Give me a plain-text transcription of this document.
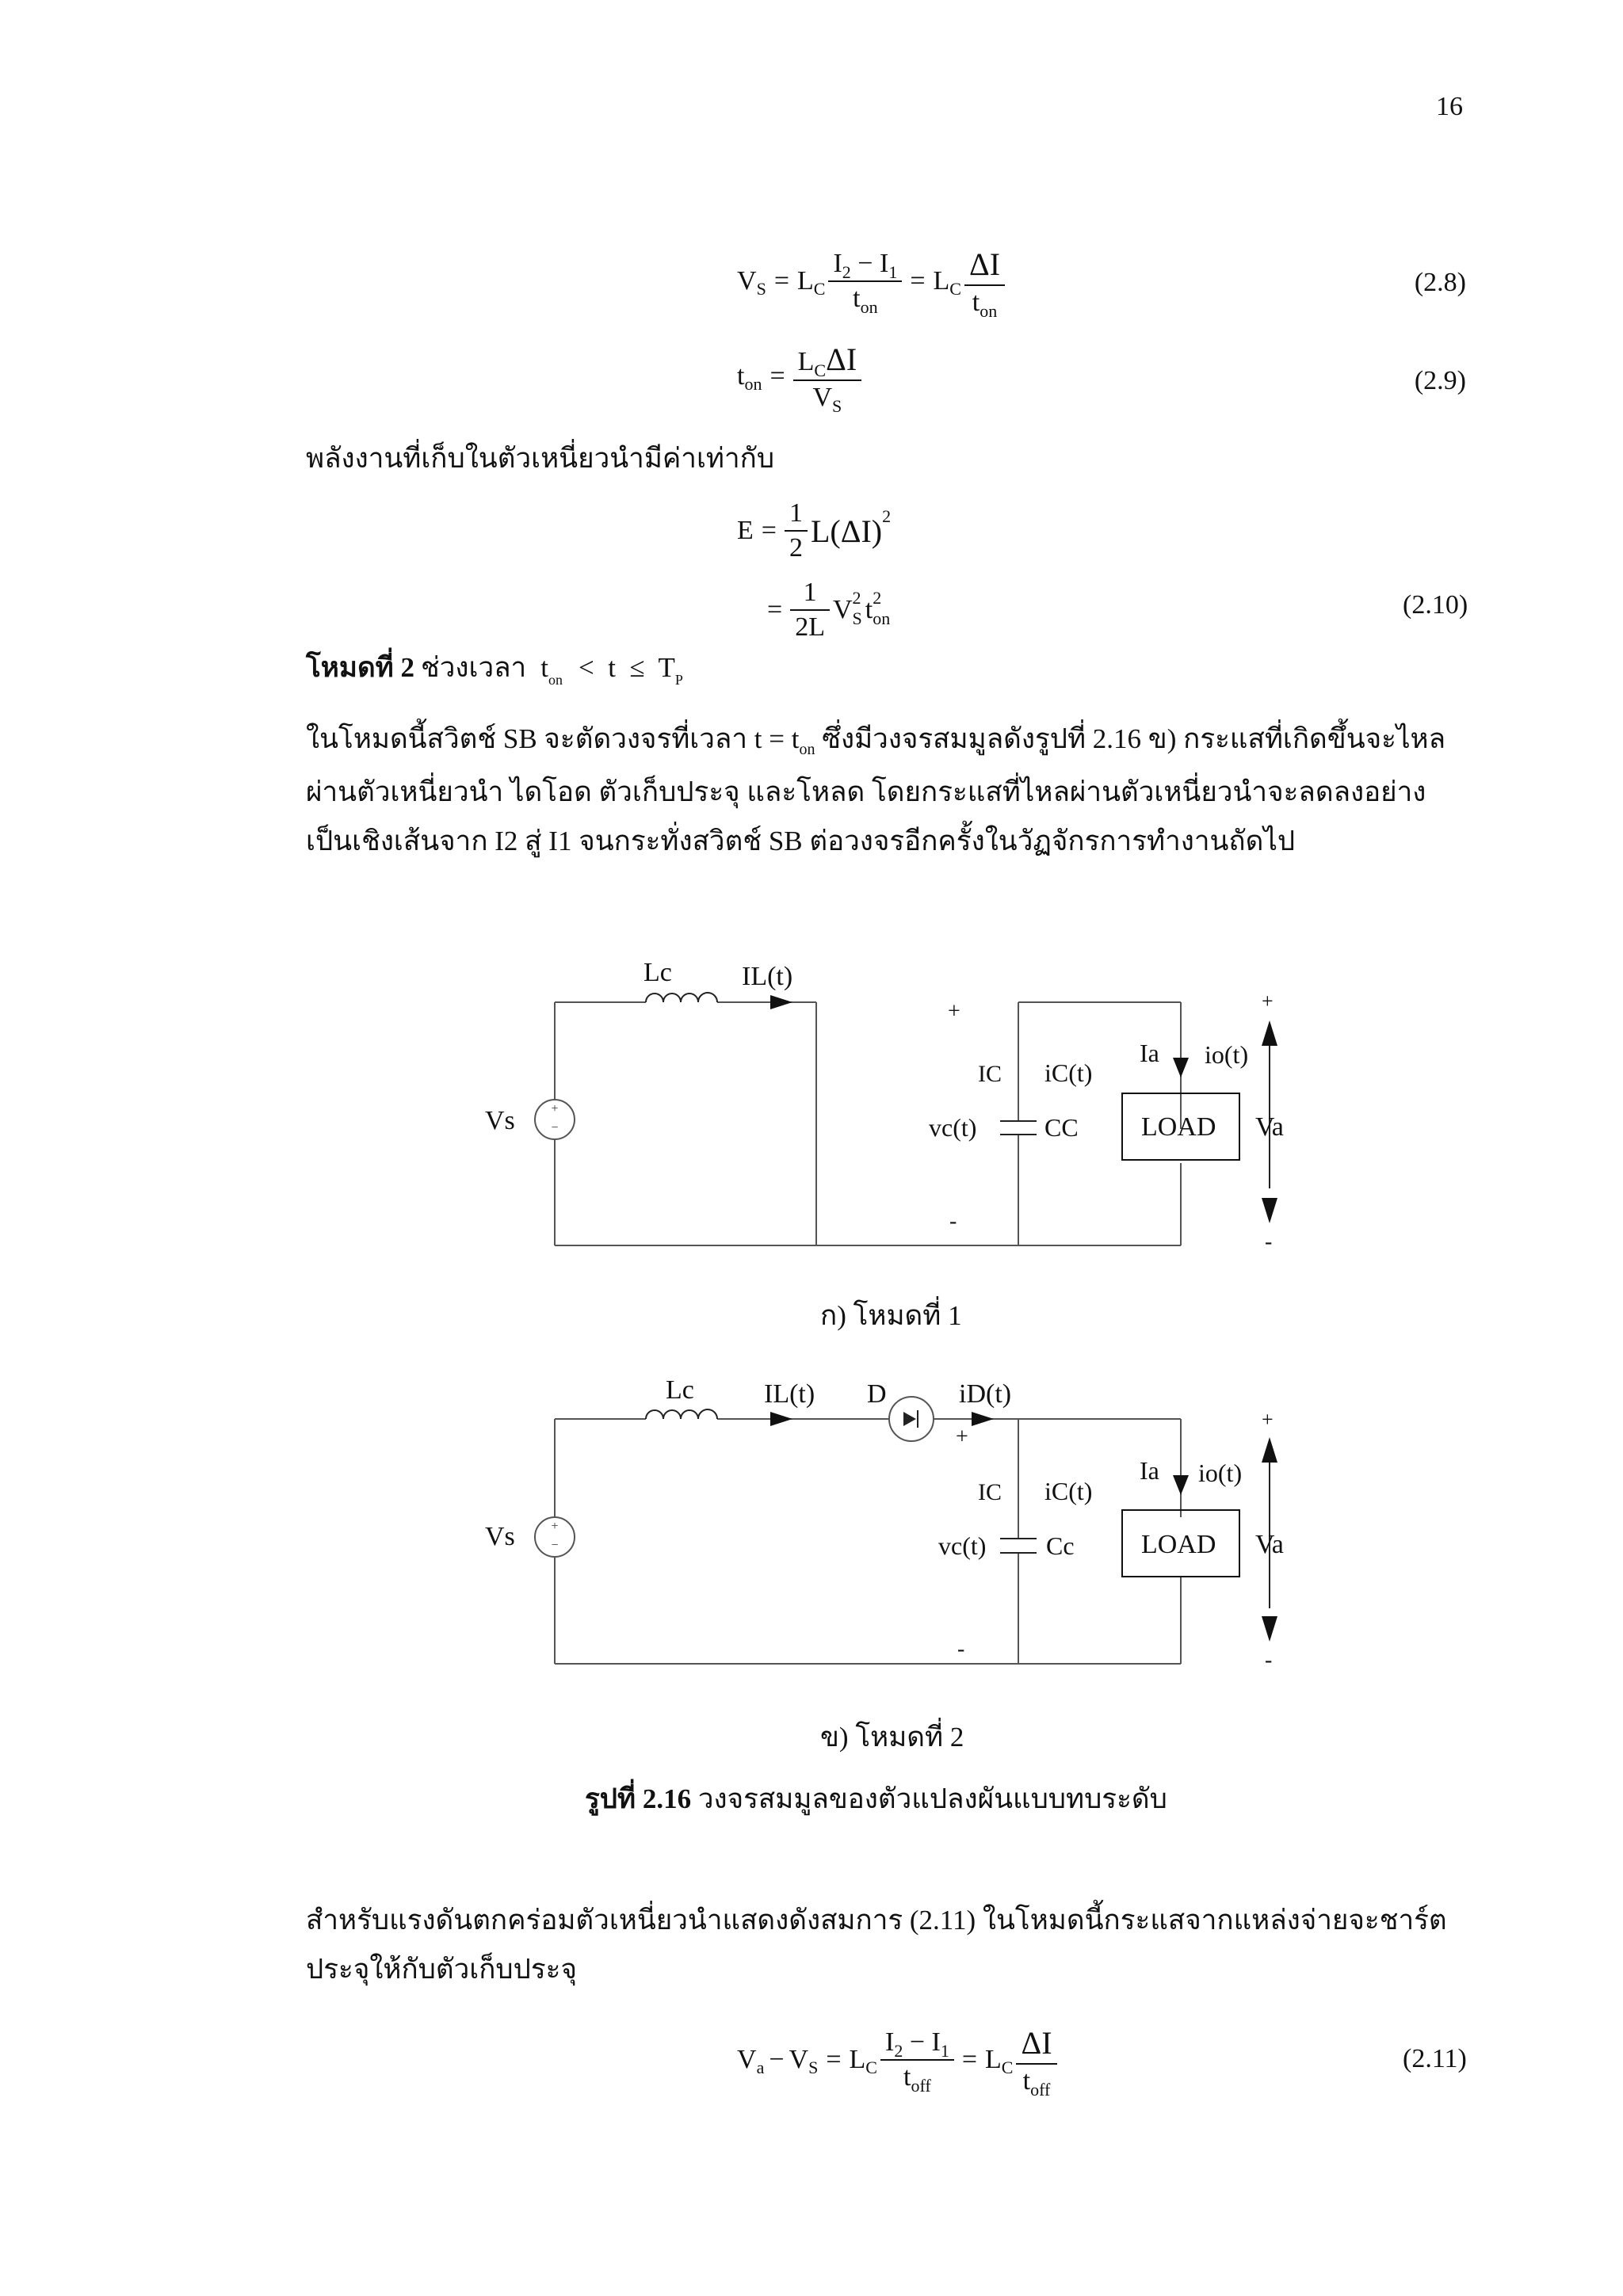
16
V S = L C $\frac{I_2 - I_1}{t_{on}} = L$ C $\frac{\Delta I}{t_{on}}$	(2.8)
t on = $\frac{L_C\Delta I}{V_S}$	(2.9)
พลังงานที่เก็บในตัวเหนี่ยวนำมีค่าเท่ากับ
$E = \frac{1}{2} L(\Delta I)$ 2
= $\frac{1}{2L}$ V 2
S t 2
on	(2.10)
โหมดที่ 2 ช่วงเวลา t on <  t  ≤  T P
ในโหมดนี้สวิตช์ SB จะตัดวงจรที่เวลา $t = t_{on}$ ซึ่งมีวงจรสมมูลดังรูปที่ 2.16 ข) กระแสที่เกิดขึ้นจะไหล
ผ่านตัวเหนี่ยวนำ ไดโอด ตัวเก็บประจุ และโหลด โดยกระแสที่ไหลผ่านตัวเหนี่ยวนำจะลดลงอย่าง
เป็นเชิงเส้นจาก I2 สู่ I1 จนกระทั่งสวิตช์ SB ต่อวงจรอีกครั้งในวัฏจักรการทำงานถัดไป
+
−
+
−
Lc	IL(t)
Vs
+
-
IC iC(t)
vc(t)	CC
Ia io(t)
LOAD Va
+
-
Lc	IL(t) D	iD(t)
Vs
+
-
IC iC(t)
vc(t) Cc
Ia io(t)
LOAD Va
+
-
ก) โหมดที่ 1
ข) โหมดที่ 2
รูปที่ 2.16 วงจรสมมูลของตัวแปลงผันแบบทบระดับ
สำหรับแรงดันตกคร่อมตัวเหนี่ยวนำแสดงดังสมการ (2.11) ในโหมดนี้กระแสจากแหล่งจ่ายจะชาร์ต
ประจุให้กับตัวเก็บประจุ
V a − V S = L C $\frac{I_2 - I_1}{t_{off}} = L$ C $\frac{\Delta I}{t_{off}}$	(2.11)
